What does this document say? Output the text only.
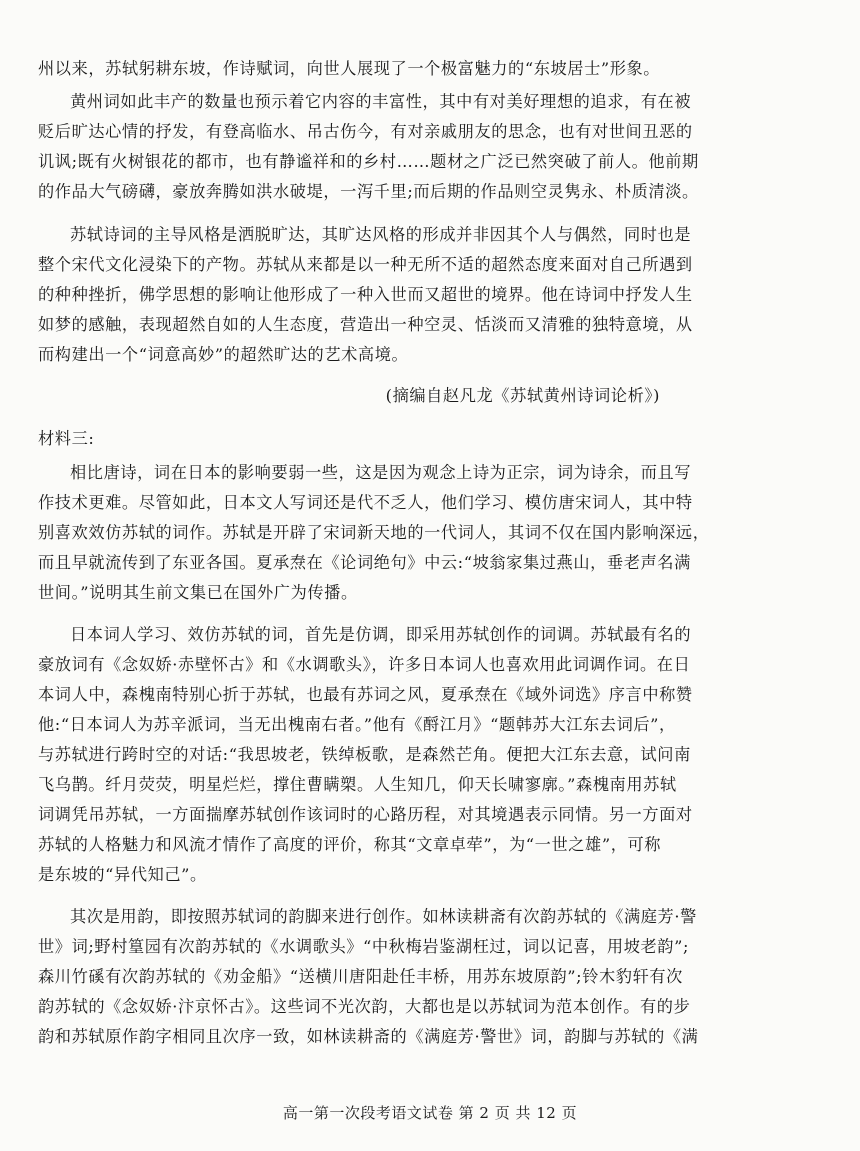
州以来，苏轼躬耕东坡，作诗赋词，向世人展现了一个极富魅力的“东坡居士”形象。
黄州词如此丰产的数量也预示着它内容的丰富性，其中有对美好理想的追求，有在被
贬后旷达心情的抒发，有登高临水、吊古伤今，有对亲戚朋友的思念，也有对世间丑恶的
讥讽;既有火树银花的都市，也有静谧祥和的乡村……题材之广泛已然突破了前人。他前期
的作品大气磅礴，豪放奔腾如洪水破堤，一泻千里;而后期的作品则空灵隽永、朴质清淡。
苏轼诗词的主导风格是洒脱旷达，其旷达风格的形成并非因其个人与偶然，同时也是
整个宋代文化浸染下的产物。苏轼从来都是以一种无所不适的超然态度来面对自己所遇到
的种种挫折，佛学思想的影响让他形成了一种入世而又超世的境界。他在诗词中抒发人生
如梦的感触，表现超然自如的人生态度，营造出一种空灵、恬淡而又清雅的独特意境，从
而构建出一个“词意高妙”的超然旷达的艺术高境。
(摘编自赵凡龙《苏轼黄州诗词论析》)
材料三:
相比唐诗，词在日本的影响要弱一些，这是因为观念上诗为正宗，词为诗余，而且写
作技术更难。尽管如此，日本文人写词还是代不乏人，他们学习、模仿唐宋词人，其中特
别喜欢效仿苏轼的词作。苏轼是开辟了宋词新天地的一代词人，其词不仅在国内影响深远，
而且早就流传到了东亚各国。夏承焘在《论词绝句》中云:“坡翁家集过燕山，垂老声名满
世间。”说明其生前文集已在国外广为传播。
日本词人学习、效仿苏轼的词，首先是仿调，即采用苏轼创作的词调。苏轼最有名的
豪放词有《念奴娇·赤壁怀古》和《水调歌头》，许多日本词人也喜欢用此词调作词。在日
本词人中，森槐南特别心折于苏轼，也最有苏词之风，夏承焘在《域外词选》序言中称赞
他:“日本词人为苏辛派词，当无出槐南右者。”他有《酹江月》“题韩苏大江东去词后”，
与苏轼进行跨时空的对话:“我思坡老，铁绰板歌，是森然芒角。便把大江东去意，试问南
飞乌鹊。纤月荧荧，明星烂烂，撑住曹瞒槊。人生知几，仰天长啸寥廓。”森槐南用苏轼
词调凭吊苏轼，一方面揣摩苏轼创作该词时的心路历程，对其境遇表示同情。另一方面对
苏轼的人格魅力和风流才情作了高度的评价，称其“文章卓荦”，为“一世之雄”，可称
是东坡的“异代知己”。
其次是用韵，即按照苏轼词的韵脚来进行创作。如林读耕斋有次韵苏轼的《满庭芳·警
世》词;野村篁园有次韵苏轼的《水调歌头》“中秋梅岩鉴湖枉过，词以记喜，用坡老韵”;
森川竹磎有次韵苏轼的《劝金船》“送横川唐阳赴任丰桥，用苏东坡原韵”;铃木豹轩有次
韵苏轼的《念奴娇·汴京怀古》。这些词不光次韵，大都也是以苏轼词为范本创作。有的步
韵和苏轼原作韵字相同且次序一致，如林读耕斋的《满庭芳·警世》词，韵脚与苏轼的《满
高一第一次段考语文试卷 第 2 页 共 12 页
